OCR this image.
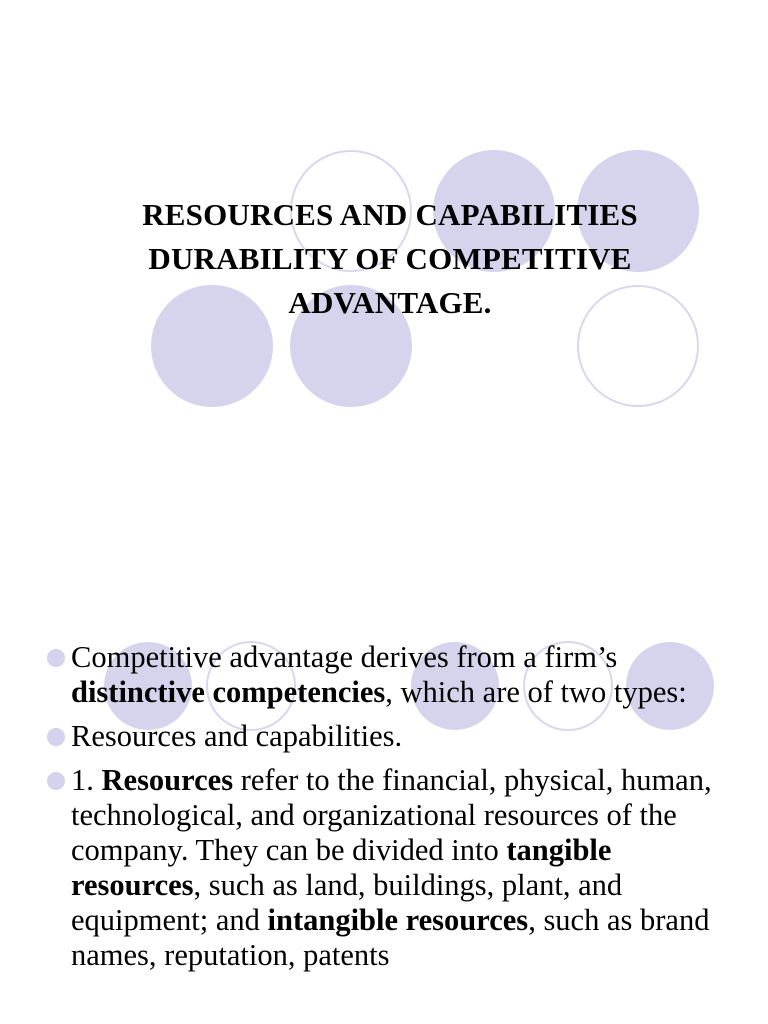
RESOURCES AND CAPABILITIES
DURABILITY OF COMPETITIVE
ADVANTAGE.
Competitive advantage derives from a firm’s distinctive competencies, which are of two types:
Resources and capabilities.
1. Resources refer to the financial, physical, human, technological, and organizational resources of the company. They can be divided into tangible resources, such as land, buildings, plant, and equipment; and intangible resources, such as brand names, reputation, patents
